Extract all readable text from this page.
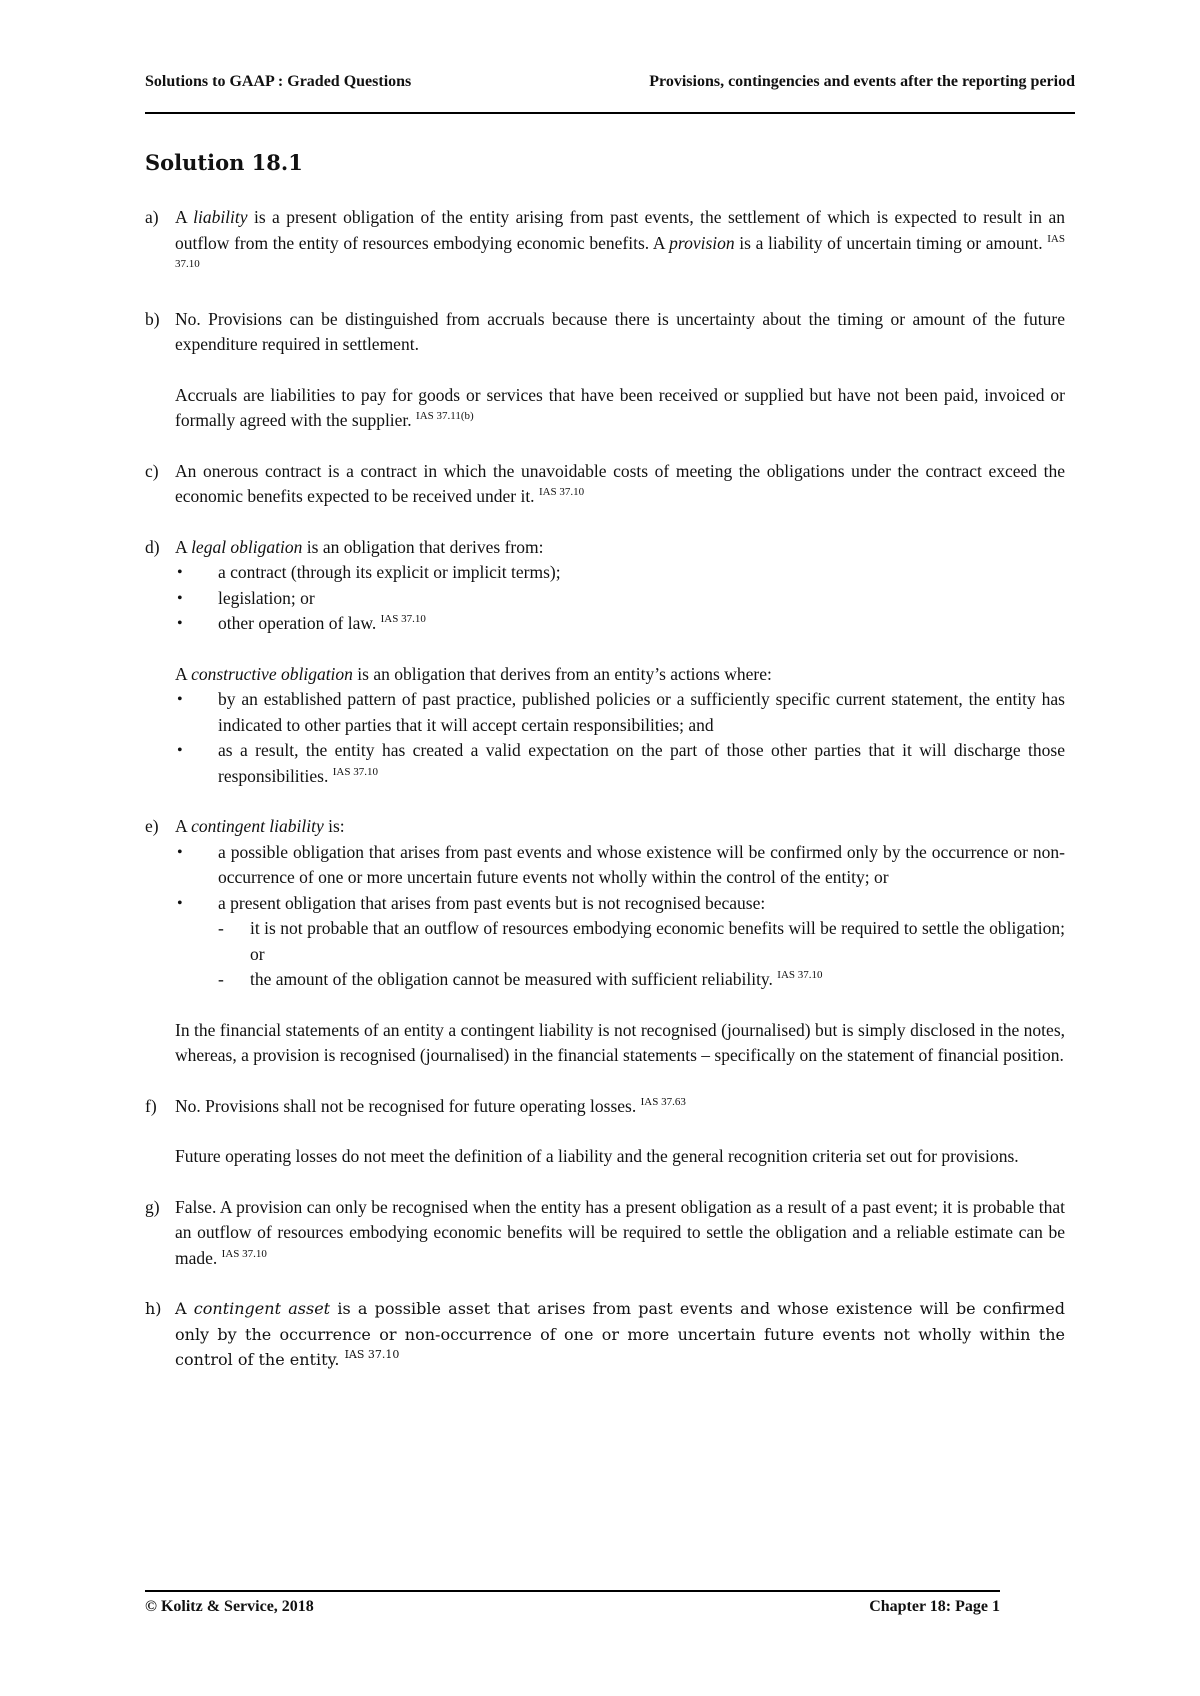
Solutions to GAAP : Graded Questions	Provisions, contingencies and events after the reporting period
Solution 18.1
a) A liability is a present obligation of the entity arising from past events, the settlement of which is expected to result in an outflow from the entity of resources embodying economic benefits. A provision is a liability of uncertain timing or amount. $^{IAS 37.10}$

b) No. Provisions can be distinguished from accruals because there is uncertainty about the timing or amount of the future expenditure required in settlement.

Accruals are liabilities to pay for goods or services that have been received or supplied but have not been paid, invoiced or formally agreed with the supplier. $^{IAS 37.11(b)}$

c) An onerous contract is a contract in which the unavoidable costs of meeting the obligations under the contract exceed the economic benefits expected to be received under it. $^{IAS 37.10}$

d) A legal obligation is an obligation that derives from:
• a contract (through its explicit or implicit terms);
• legislation; or
• other operation of law. $^{IAS 37.10}$
A constructive obligation is an obligation that derives from an entity’s actions where:
• by an established pattern of past practice, published policies or a sufficiently specific current statement, the entity has indicated to other parties that it will accept certain responsibilities; and
• as a result, the entity has created a valid expectation on the part of those other parties that it will discharge those responsibilities. $^{IAS 37.10}$
e) A contingent liability is:
• a possible obligation that arises from past events and whose existence will be confirmed only by the occurrence or non-occurrence of one or more uncertain future events not wholly within the control of the entity; or
• a present obligation that arises from past events but is not recognised because:
- it is not probable that an outflow of resources embodying economic benefits will be required to settle the obligation; or
- the amount of the obligation cannot be measured with sufficient reliability. $^{IAS 37.10}$

In the financial statements of an entity a contingent liability is not recognised (journalised) but is simply disclosed in the notes, whereas, a provision is recognised (journalised) in the financial statements – specifically on the statement of financial position.

f) No. Provisions shall not be recognised for future operating losses. $^{IAS 37.63}$

Future operating losses do not meet the definition of a liability and the general recognition criteria set out for provisions.

g) False. A provision can only be recognised when the entity has a present obligation as a result of a past event; it is probable that an outflow of resources embodying economic benefits will be required to settle the obligation and a reliable estimate can be made. $^{IAS 37.10}$

h) A contingent asset is a possible asset that arises from past events and whose existence will be confirmed only by the occurrence or non-occurrence of one or more uncertain future events not wholly within the control of the entity. $^{IAS 37.10}$

© Kolitz & Service, 2018	Chapter 18: Page 1
